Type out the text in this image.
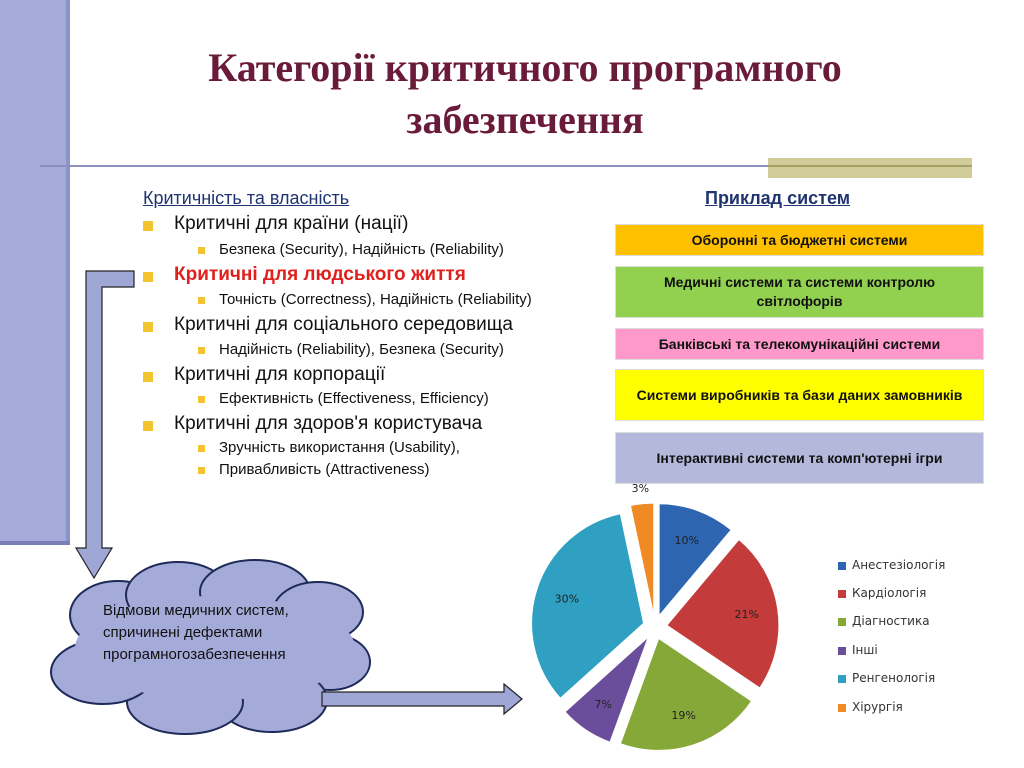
Категорії критичного програмного
забезпечення
Критичність та власність	Приклад систем
Критичні для країни (нації)
Безпека (Security), Надійність (Reliability)
Критичні для людського життя
Точність (Correctness), Надійність (Reliability)
Критичні для соціального середовища
Надійність (Reliability), Безпека (Security)
Критичні для корпорації
Ефективність (Effectiveness, Efficiency)
Критичні для здоров'я користувача
Зручність використання (Usability),
Привабливість (Attractiveness)
Оборонні та бюджетні системи
Медичні системи та системи контролю світлофорів
Банківські та телекомунікаційні системи
Системи виробників та бази даних замовників
Інтерактивні системи та комп'ютерні ігри
10%
21%
19%
7%
30%
3%
Відмови медичних систем, спричинені дефектами програмногозабезпечення
Анестезіологія
Кардіологія
Діагностика
Інші
Ренгенологія
Хірургія
